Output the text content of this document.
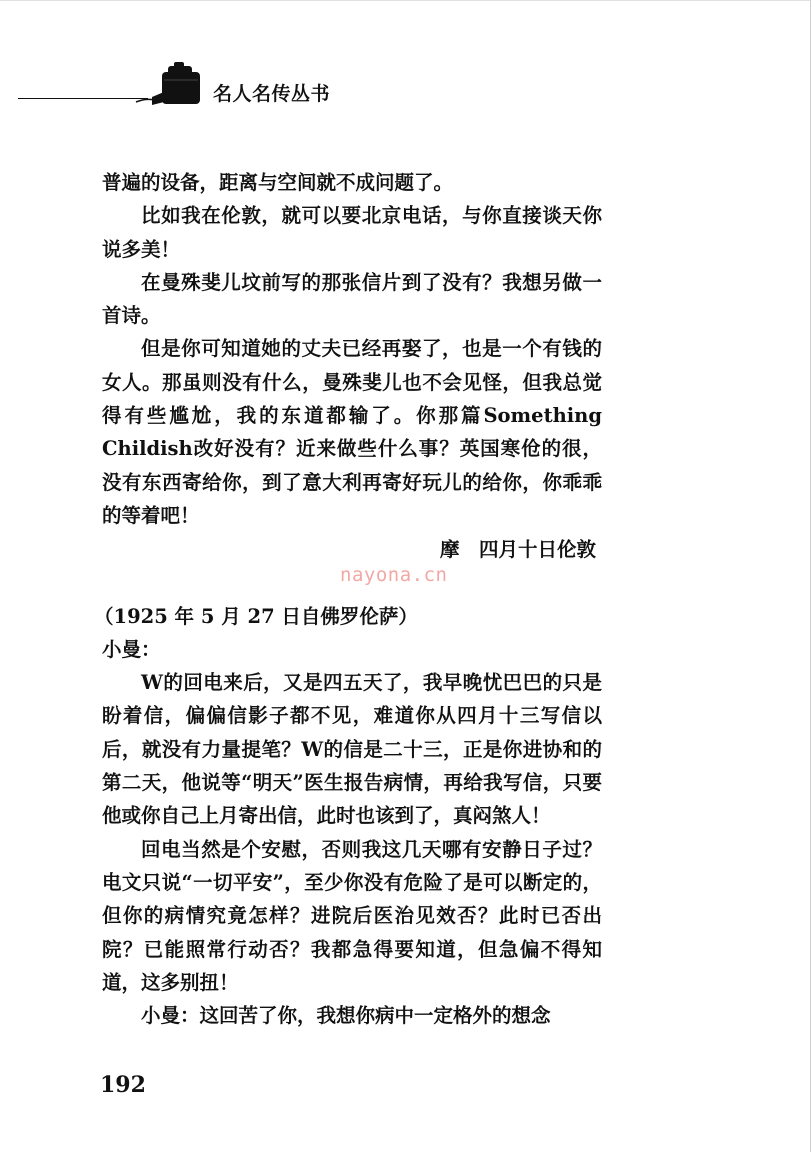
名人名传丛书

普遍的设备，距离与空间就不成问题了。

比如我在伦敦，就可以要北京电话，与你直接谈天你说多美！

在曼殊斐儿坟前写的那张信片到了没有？我想另做一首诗。

但是你可知道她的丈夫已经再娶了，也是一个有钱的女人。那虽则没有什么，曼殊斐儿也不会见怪，但我总觉得有些尴尬，我的东道都输了。你那篇Something Childish改好没有？近来做些什么事？英国寒伧的很，没有东西寄给你，到了意大利再寄好玩儿的给你，你乖乖的等着吧！

摩　四月十日伦敦

（1925 年 5 月 27 日自佛罗伦萨）

小曼：

W的回电来后，又是四五天了，我早晚忧巴巴的只是盼着信，偏偏信影子都不见，难道你从四月十三写信以后，就没有力量提笔？W的信是二十三，正是你进协和的第二天，他说等“明天”医生报告病情，再给我写信，只要他或你自己上月寄出信，此时也该到了，真闷煞人！

回电当然是个安慰，否则我这几天哪有安静日子过？电文只说“一切平安”，至少你没有危险了是可以断定的，但你的病情究竟怎样？进院后医治见效否？此时已否出院？已能照常行动否？我都急得要知道，但急偏不得知道，这多别扭！

小曼：这回苦了你，我想你病中一定格外的想念

nayona.cn
192
